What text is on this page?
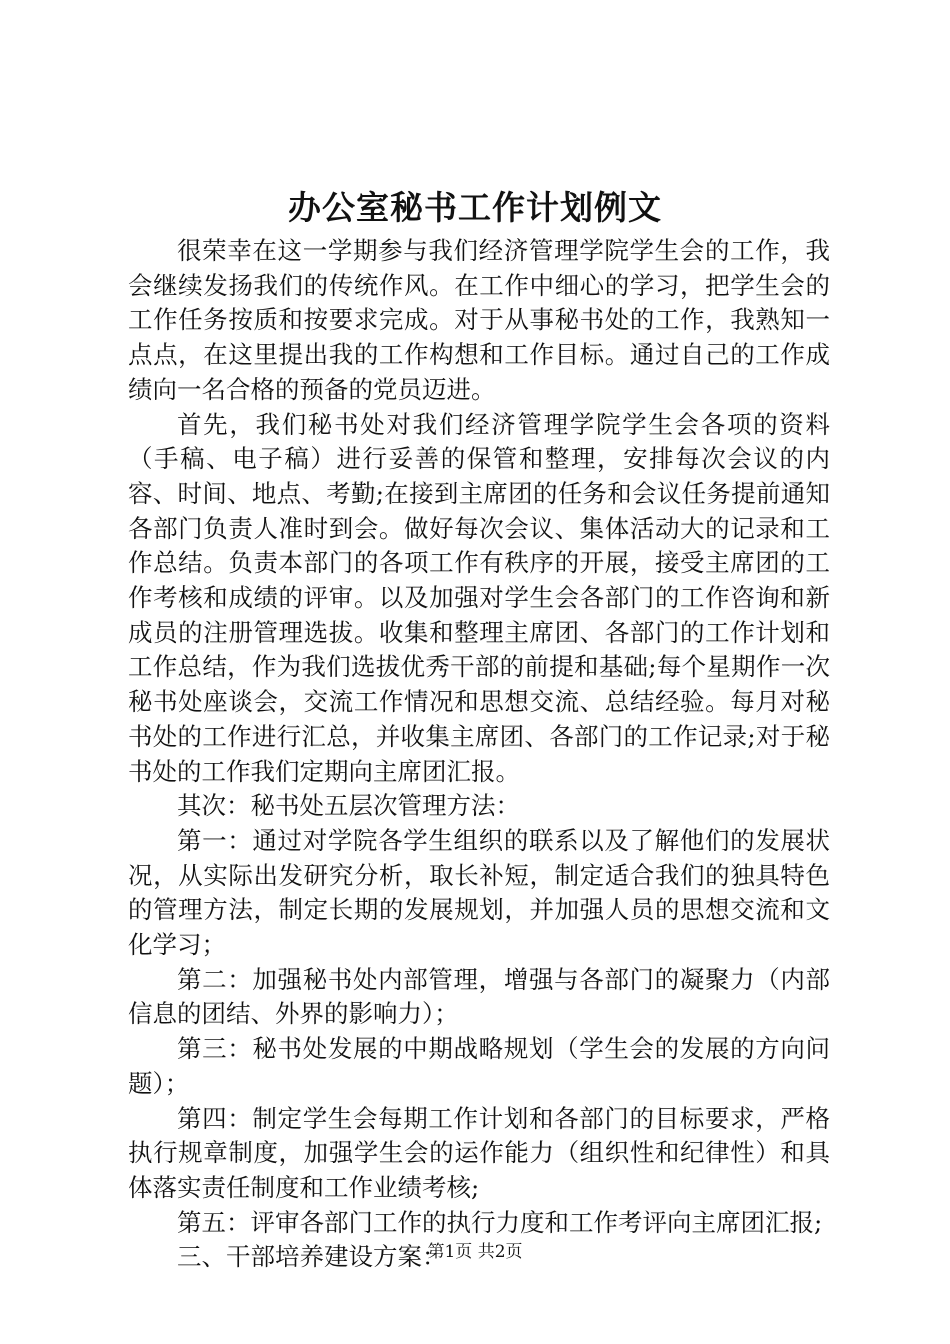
办公室秘书工作计划例文

很荣幸在这一学期参与我们经济管理学院学生会的工作，我会继续发扬我们的传统作风。在工作中细心的学习，把学生会的工作任务按质和按要求完成。对于从事秘书处的工作，我熟知一点点，在这里提出我的工作构想和工作目标。通过自己的工作成绩向一名合格的预备的党员迈进。

首先，我们秘书处对我们经济管理学院学生会各项的资料（手稿、电子稿）进行妥善的保管和整理，安排每次会议的内容、时间、地点、考勤;在接到主席团的任务和会议任务提前通知各部门负责人准时到会。做好每次会议、集体活动大的记录和工作总结。负责本部门的各项工作有秩序的开展，接受主席团的工作考核和成绩的评审。以及加强对学生会各部门的工作咨询和新成员的注册管理选拔。收集和整理主席团、各部门的工作计划和工作总结，作为我们选拔优秀干部的前提和基础;每个星期作一次秘书处座谈会，交流工作情况和思想交流、总结经验。每月对秘书处的工作进行汇总，并收集主席团、各部门的工作记录;对于秘书处的工作我们定期向主席团汇报。

其次：秘书处五层次管理方法：

第一：通过对学院各学生组织的联系以及了解他们的发展状况，从实际出发研究分析，取长补短，制定适合我们的独具特色的管理方法，制定长期的发展规划，并加强人员的思想交流和文化学习；

第二：加强秘书处内部管理，增强与各部门的凝聚力（内部信息的团结、外界的影响力）；

第三：秘书处发展的中期战略规划（学生会的发展的方向问题）；

第四：制定学生会每期工作计划和各部门的目标要求，严格执行规章制度，加强学生会的运作能力（组织性和纪律性）和具体落实责任制度和工作业绩考核;

第五：评审各部门工作的执行力度和工作考评向主席团汇报;

三、干部培养建设方案：

第1页 共2页
